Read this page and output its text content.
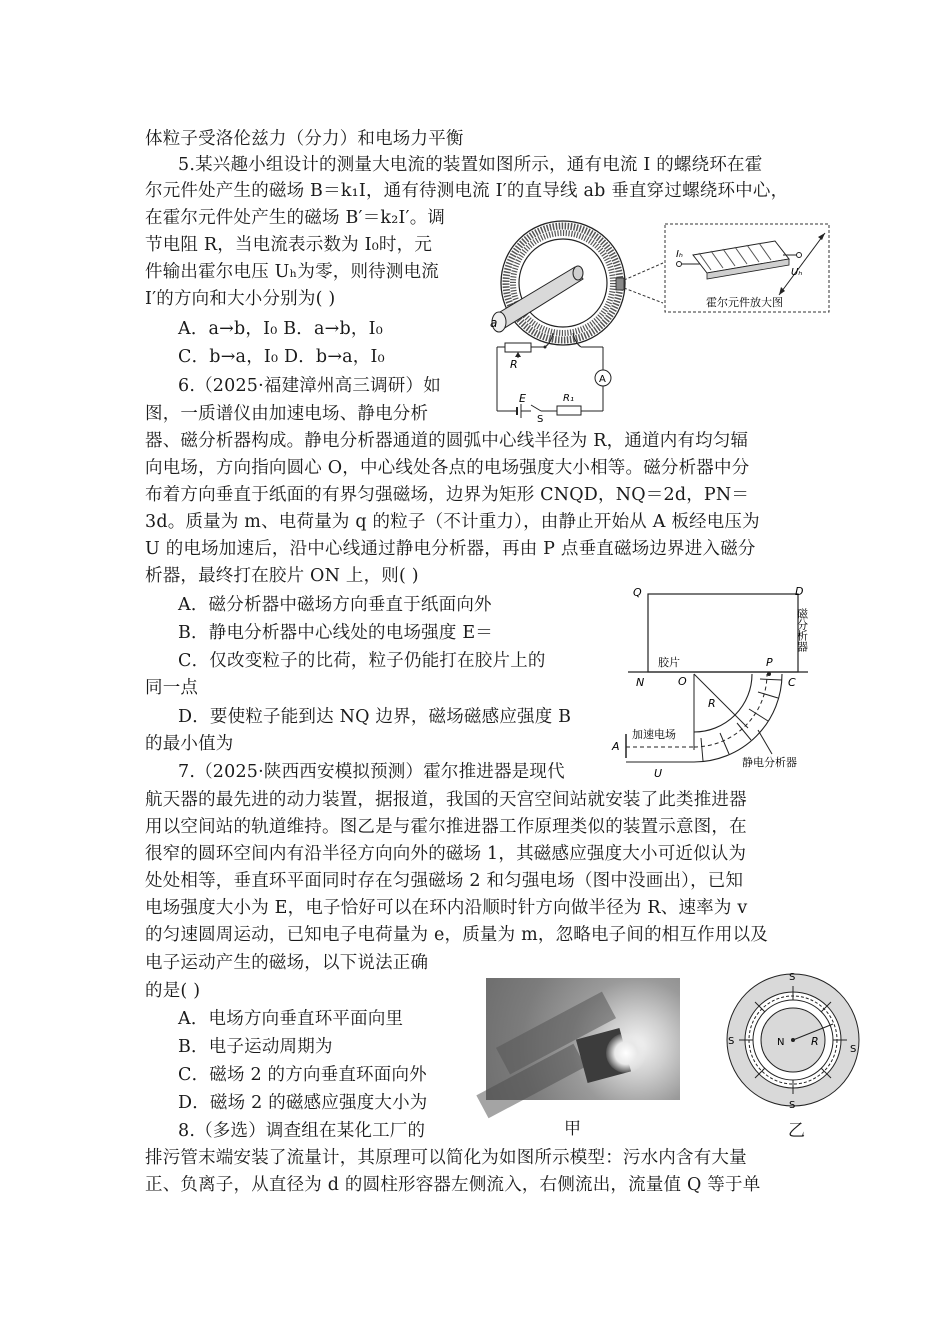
体粒子受洛伦兹力（分力）和电场力平衡
5.某兴趣小组设计的测量大电流的装置如图所示，通有电流 I 的螺绕环在霍
尔元件处产生的磁场 B＝k₁I，通有待测电流 I′的直导线 ab 垂直穿过螺绕环中心，
在霍尔元件处产生的磁场 B′＝k₂I′。调
节电阻 R，当电流表示数为 I₀时，元
件输出霍尔电压 Uₕ为零，则待测电流
I′的方向和大小分别为( )
A．a→b，I₀ B．a→b，I₀
C．b→a，I₀ D．b→a，I₀
6.（2025·福建漳州高三调研）如
图，一质谱仪由加速电场、静电分析
器、磁分析器构成。静电分析器通道的圆弧中心线半径为 R，通道内有均匀辐
向电场，方向指向圆心 O，中心线处各点的电场强度大小相等。磁分析器中分
布着方向垂直于纸面的有界匀强磁场，边界为矩形 CNQD，NQ＝2d，PN＝
3d。质量为 m、电荷量为 q 的粒子（不计重力），由静止开始从 A 板经电压为
U 的电场加速后，沿中心线通过静电分析器，再由 P 点垂直磁场边界进入磁分
析器，最终打在胶片 ON 上，则( )
A．磁分析器中磁场方向垂直于纸面向外
B．静电分析器中心线处的电场强度 E＝
C．仅改变粒子的比荷，粒子仍能打在胶片上的
同一点
D．要使粒子能到达 NQ 边界，磁场磁感应强度 B
的最小值为
7.（2025·陕西西安模拟预测）霍尔推进器是现代
航天器的最先进的动力装置，据报道，我国的天宫空间站就安装了此类推进器
用以空间站的轨道维持。图乙是与霍尔推进器工作原理类似的装置示意图，在
很窄的圆环空间内有沿半径方向向外的磁场 1，其磁感应强度大小可近似认为
处处相等，垂直环平面同时存在匀强磁场 2 和匀强电场（图中没画出），已知
电场强度大小为 E，电子恰好可以在环内沿顺时针方向做半径为 R、速率为 v
的匀速圆周运动，已知电子电荷量为 e，质量为 m，忽略电子间的相互作用以及
电子运动产生的磁场，以下说法正确
的是( )
A．电场方向垂直环平面向里
B．电子运动周期为
C．磁场 2 的方向垂直环面向外
D．磁场 2 的磁感应强度大小为
8.（多选）调查组在某化工厂的
排污管末端安装了流量计，其原理可以简化为如图所示模型：污水内含有大量
正、负离子，从直径为 d 的圆柱形容器左侧流入，右侧流出，流量值 Q 等于单
a
Iₕ
Uₕ
霍尔元件放大图
A
R
E
S
R₁
Q	D
磁分析器
胶片
N	O
P
C
R
A
加速电场
U
静电分析器
甲
N R
S
S
S
S
乙
